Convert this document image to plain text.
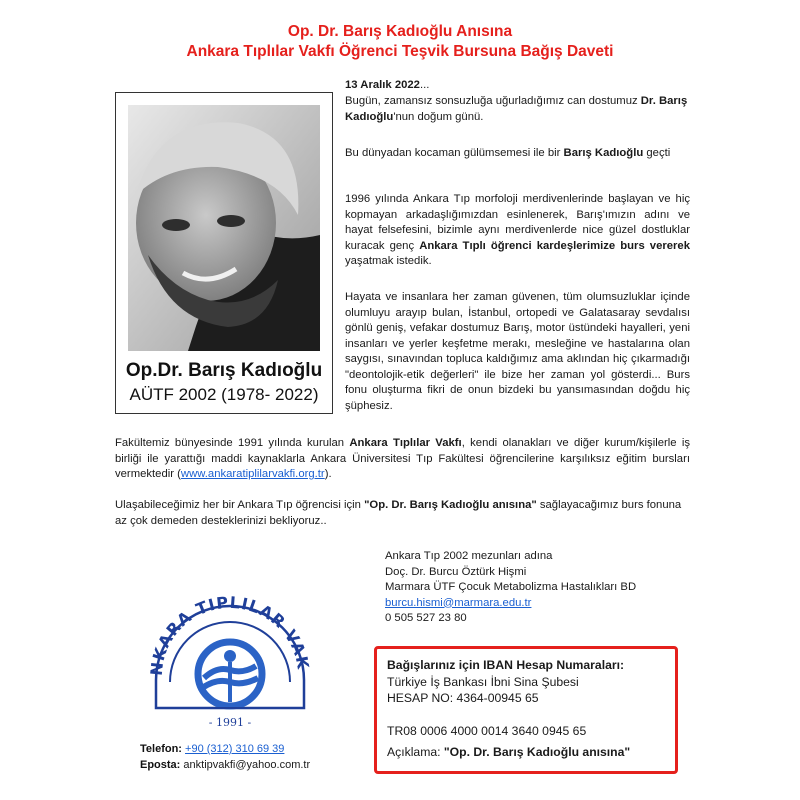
Op. Dr. Barış Kadıoğlu Anısına
Ankara Tıplılar Vakfı Öğrenci Teşvik Bursuna Bağış Daveti
Op.Dr. Barış Kadıoğlu
AÜTF 2002 (1978- 2022)
13 Aralık 2022...

Bugün, zamansız sonsuzluğa uğurladığımız can dostumuz Dr. Barış Kadıoğlu'nun doğum günü.

Bu dünyadan kocaman gülümsemesi ile bir Barış Kadıoğlu geçti

1996 yılında Ankara Tıp morfoloji merdivenlerinde başlayan ve hiç kopmayan arkadaşlığımızdan esinlenerek, Barış'ımızın adını ve hayat felsefesini, bizimle aynı merdivenlerde nice güzel dostluklar kuracak genç Ankara Tıplı öğrenci kardeşlerimize burs vererek yaşatmak istedik.

Hayata ve insanlara her zaman güvenen, tüm olumsuzluklar içinde olumluyu arayıp bulan, İstanbul, ortopedi ve Galatasaray sevdalısı gönlü geniş, vefakar dostumuz Barış, motor üstündeki hayalleri, yeni insanları ve yerler keşfetme merakı, mesleğine ve hastalarına olan saygısı, sınavından topluca kaldığımız ama aklından hiç çıkarmadığı "deontolojik-etik değerleri" ile bize her zaman yol gösterdi... Burs fonu oluşturma fikri de onun bizdeki bu yansımasından doğdu hiç şüphesiz.

Fakültemiz bünyesinde 1991 yılında kurulan Ankara Tıplılar Vakfı, kendi olanakları ve diğer kurum/kişilerle iş birliği ile yarattığı maddi kaynaklarla Ankara Üniversitesi Tıp Fakültesi öğrencilerine karşılıksız eğitim bursları vermektedir (www.ankaratiplilarvakfi.org.tr).

Ulaşabileceğimiz her bir Ankara Tıp öğrencisi için "Op. Dr. Barış Kadıoğlu anısına" sağlayacağımız burs fonuna az çok demeden desteklerinizi bekliyoruz..

Ankara Tıp 2002 mezunları adına
Doç. Dr. Burcu Öztürk Hişmi
Marmara ÜTF Çocuk Metabolizma Hastalıkları BD
burcu.hismi@marmara.edu.tr
0 505 527 23 80
NKARA TIPLILAR VAK
- 1991 -
Telefon: +90 (312) 310 69 39
Eposta: anktipvakfi@yahoo.com.tr
Bağışlarınız için IBAN Hesap Numaraları:
Türkiye İş Bankası İbni Sina Şubesi
HESAP NO: 4364-00945 65
TR08 0006 4000 0014 3640 0945 65
Açıklama: "Op. Dr. Barış Kadıoğlu anısına"
